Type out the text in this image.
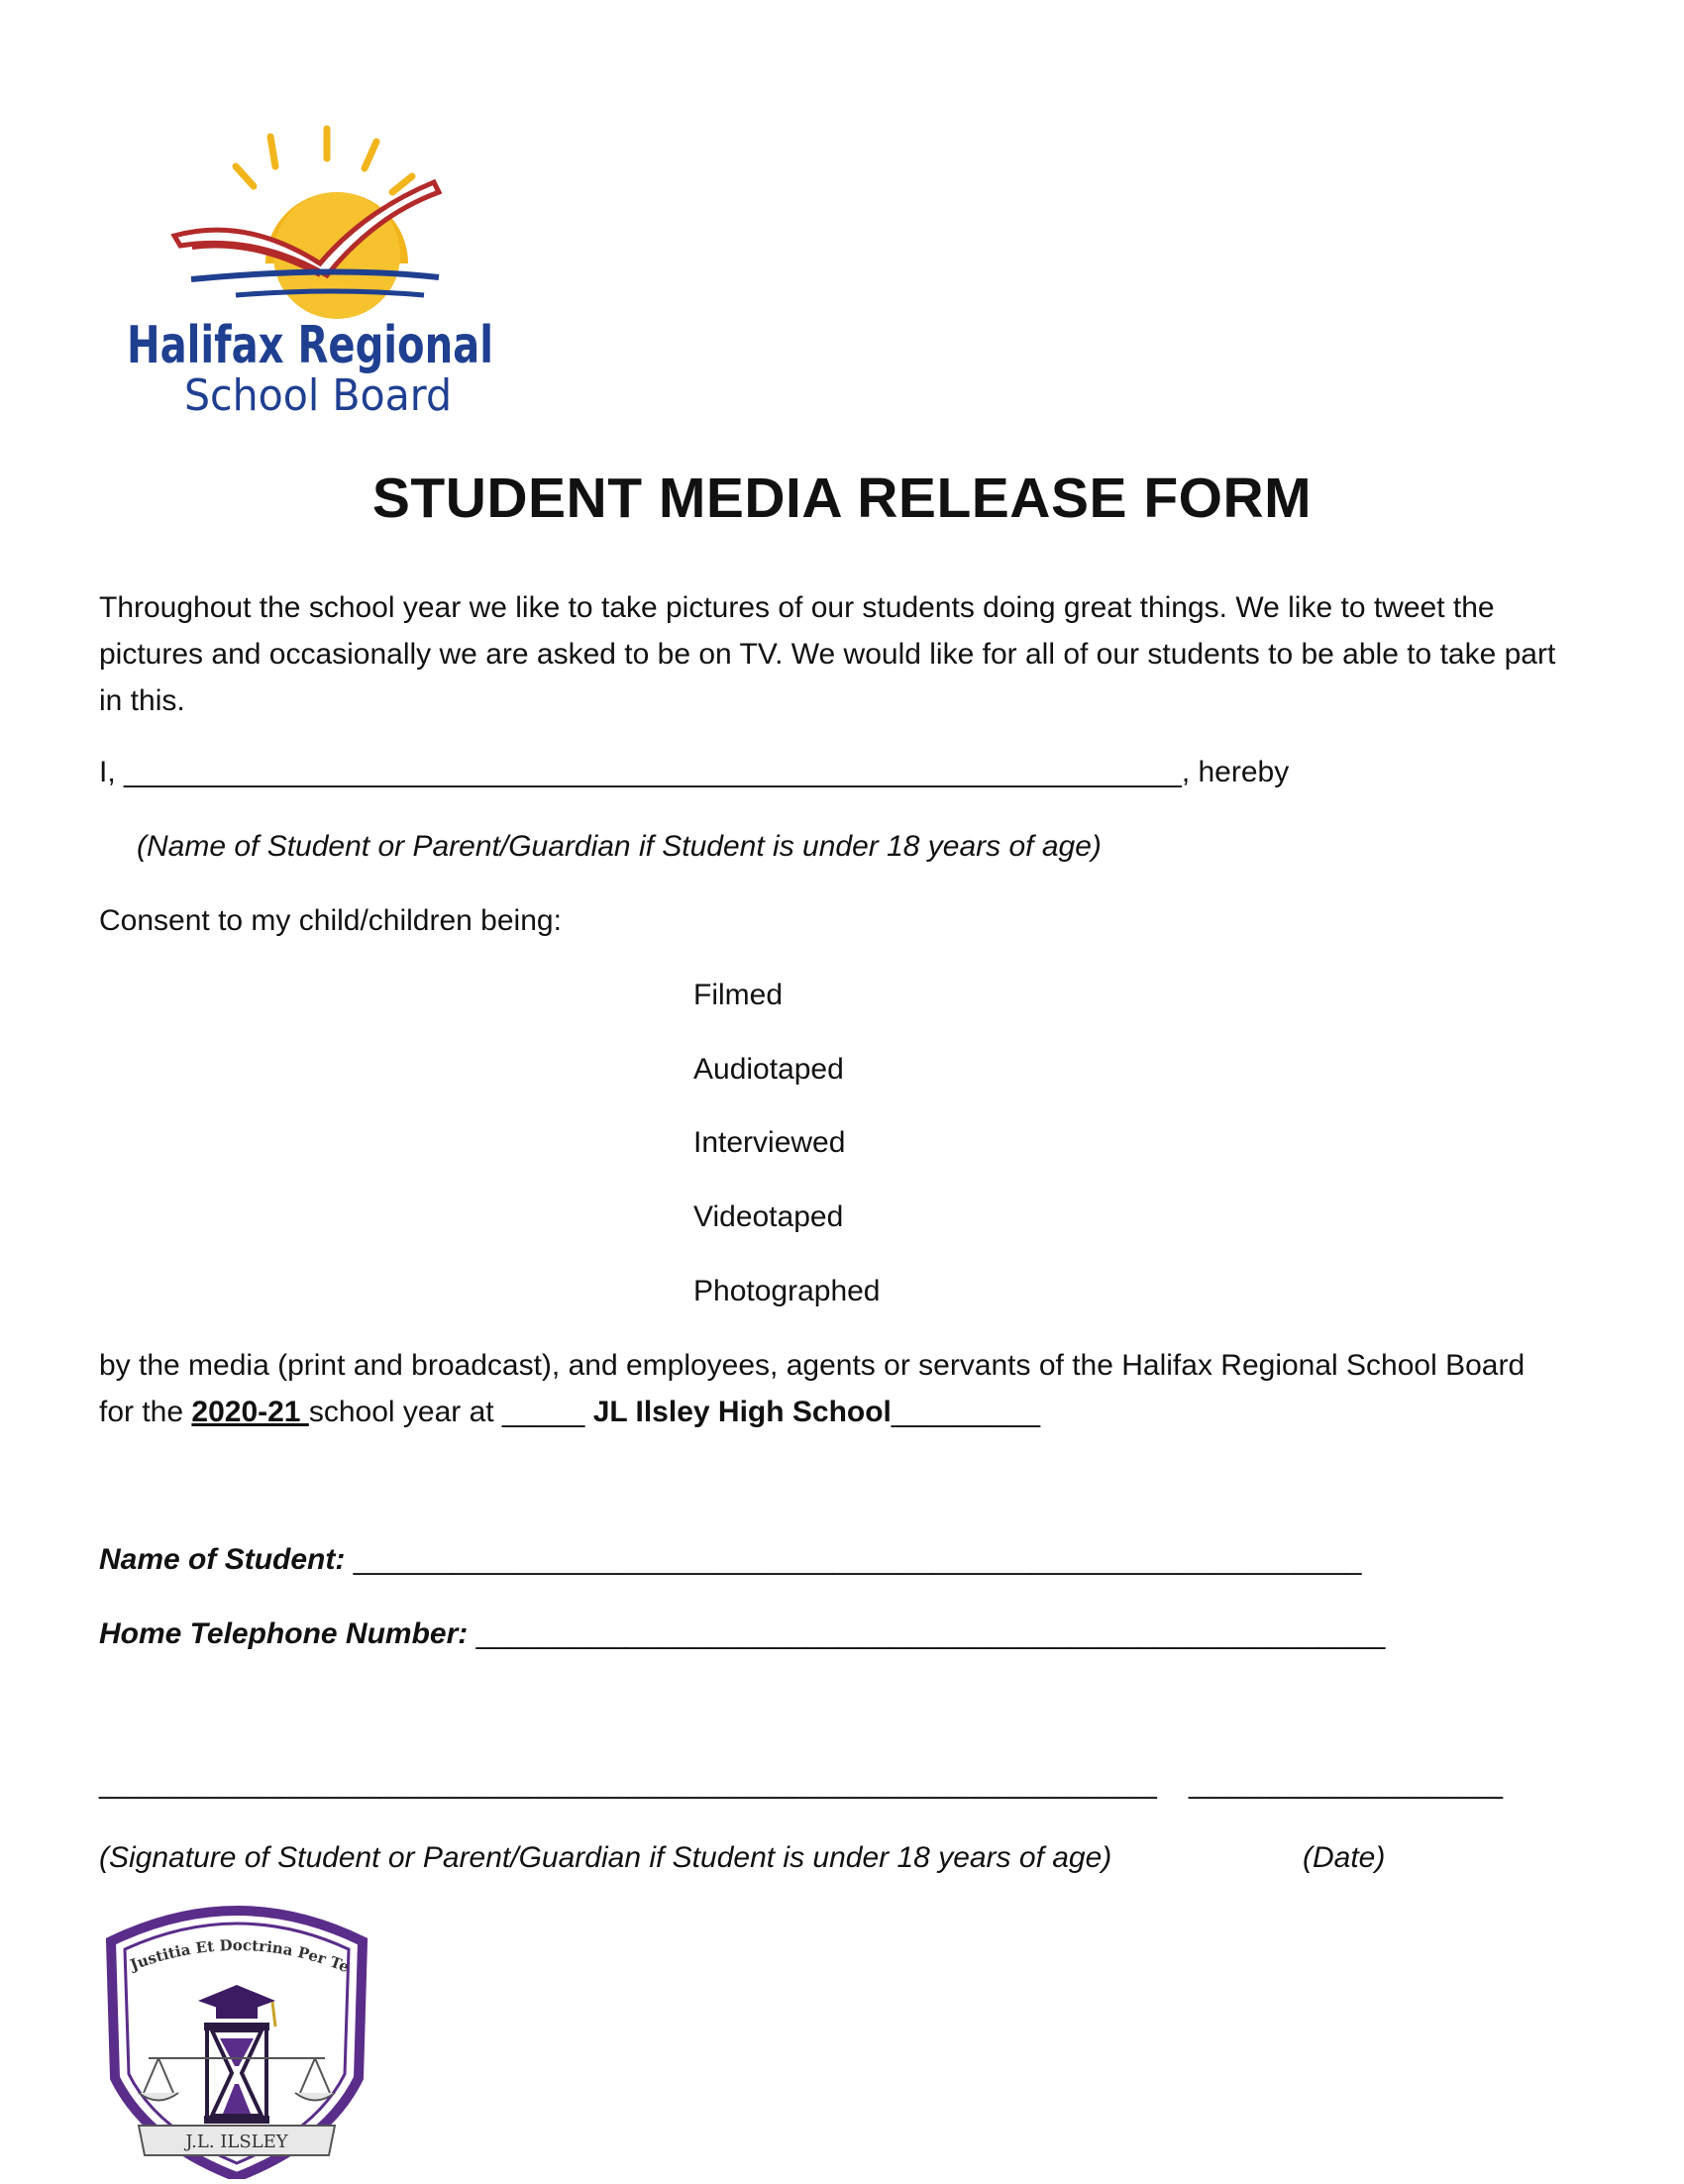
Halifax Regional
School Board
STUDENT MEDIA RELEASE FORM
Throughout the school year we like to take pictures of our students doing great things. We like to tweet the pictures and occasionally we are asked to be on TV. We would like for all of our students to be able to take part in this.
I, ________________________________________________________________, hereby
(Name of Student or Parent/Guardian if Student is under 18 years of age)
Consent to my child/children being:
Filmed
Audiotaped
Interviewed
Videotaped
Photographed
by the media (print and broadcast), and employees, agents or servants of the Halifax Regional School Board
for the 2020-21 school year at _____ JL Ilsley High School_________
Name of Student: _____________________________________________________________
Home Telephone Number: _______________________________________________________
________________________________________________________________ ___________________
(Signature of Student or Parent/Guardian if Student is under 18 years of age)	(Date)
Justitia Et Doctrina Per Te
J.L. ILSLEY
